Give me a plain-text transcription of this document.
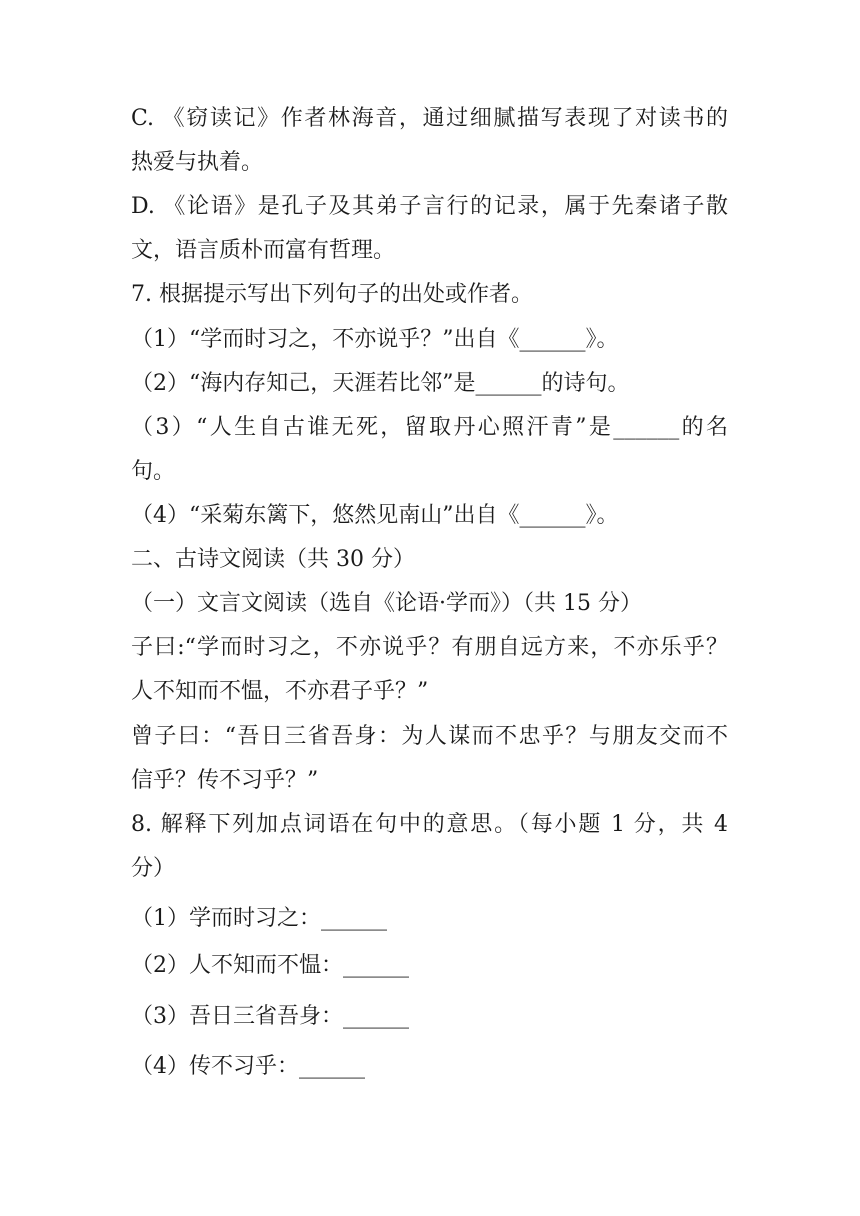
C. 《窃读记》作者林海音，通过细腻描写表现了对读书的
热爱与执着。
D. 《论语》是孔子及其弟子言行的记录，属于先秦诸子散
文，语言质朴而富有哲理。
7. 根据提示写出下列句子的出处或作者。
（1）“学而时习之，不亦说乎？”出自《______》。
（2）“海内存知己，天涯若比邻”是______的诗句。
（3）“人生自古谁无死，留取丹心照汗青”是______的名
句。
（4）“采菊东篱下，悠然见南山”出自《______》。
二、古诗文阅读（共 30 分）
（一）文言文阅读（选自《论语·学而》）（共 15 分）
子曰:“学而时习之，不亦说乎？有朋自远方来，不亦乐乎？
人不知而不愠，不亦君子乎？”
曾子曰：“吾日三省吾身：为人谋而不忠乎？与朋友交而不
信乎？传不习乎？”
8. 解释下列加点词语在句中的意思。（每小题 1 分，共 4
分）
（1）学而时习之：______
（2）人不知而不愠：______
（3）吾日三省吾身：______
（4）传不习乎：______
